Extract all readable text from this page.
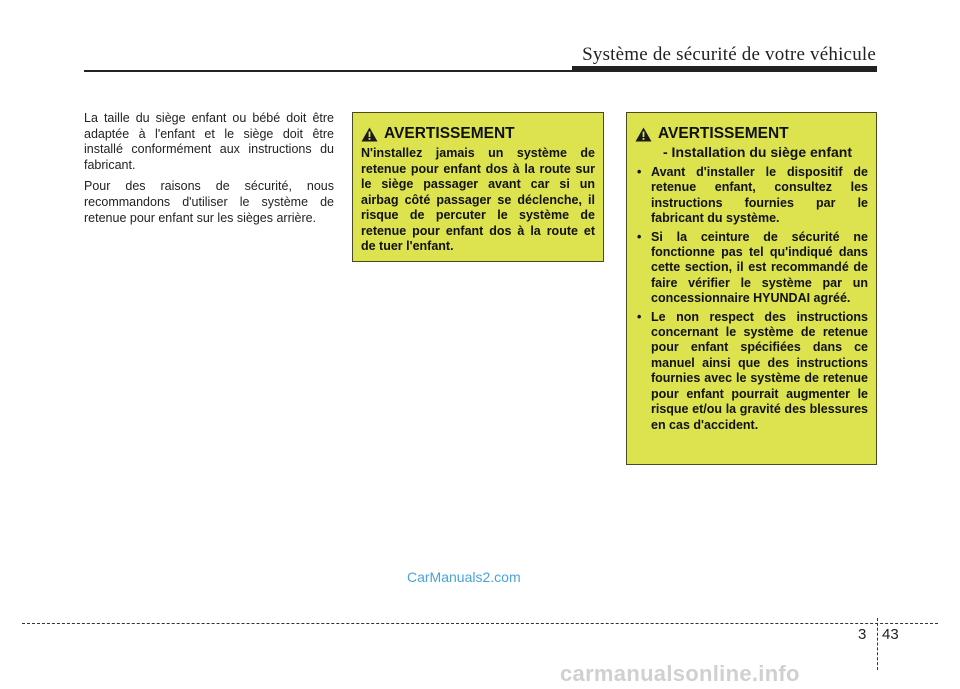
Système de sécurité de votre véhicule

La taille du siège enfant ou bébé doit être adaptée à l'enfant et le siège doit être installé conformément aux instructions du fabricant.

Pour des raisons de sécurité, nous recommandons d'utiliser le système de retenue pour enfant sur les sièges arrière.

AVERTISSEMENT
N'installez jamais un système de retenue pour enfant dos à la route sur le siège passager avant car si un airbag côté passager se déclenche, il risque de percuter le système de retenue pour enfant dos à la route et de tuer l'enfant.
AVERTISSEMENT
- Installation du siège enfant
• Avant d'installer le dispositif de retenue enfant, consultez les instructions fournies par le fabricant du système.
• Si la ceinture de sécurité ne fonctionne pas tel qu'indiqué dans cette section, il est recommandé de faire vérifier le système par un concessionnaire HYUNDAI agréé.
• Le non respect des instructions concernant le système de retenue pour enfant spécifiées dans ce manuel ainsi que des instructions fournies avec le système de retenue pour enfant pourrait augmenter le risque et/ou la gravité des blessures en cas d'accident.
CarManuals2.com
3 43
carmanualsonline.info
